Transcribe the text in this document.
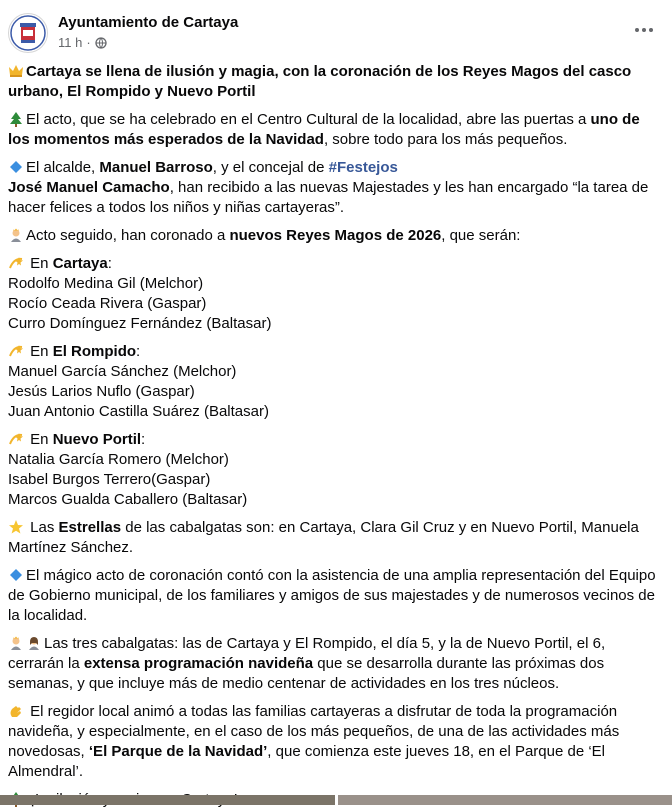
Ayuntamiento de Cartaya
11 h ·

Cartaya se llena de ilusión y magia, con la coronación de los Reyes Magos del casco urbano, El Rompido y Nuevo Portil

El acto, que se ha celebrado en el Centro Cultural de la localidad, abre las puertas a uno de los momentos más esperados de la Navidad, sobre todo para los más pequeños.

El alcalde, Manuel Barroso, y el concejal de #Festejos
José Manuel Camacho, han recibido a las nuevas Majestades y les han encargado “la tarea de hacer felices a todos los niños y niñas cartayeras”.

Acto seguido, han coronado a nuevos Reyes Magos de 2026, que serán:

En Cartaya:
Rodolfo Medina Gil (Melchor)
Rocío Ceada Rivera (Gaspar)
Curro Domínguez Fernández (Baltasar)

En El Rompido:
Manuel García Sánchez (Melchor)
Jesús Larios Nuflo (Gaspar)
Juan Antonio Castilla Suárez (Baltasar)

En Nuevo Portil:
Natalia García Romero (Melchor)
Isabel Burgos Terrero(Gaspar)
Marcos Gualda Caballero (Baltasar)

Las Estrellas de las cabalgatas son: en Cartaya, Clara Gil Cruz y en Nuevo Portil, Manuela Martínez Sánchez.

El mágico acto de coronación contó con la asistencia de una amplia representación del Equipo de Gobierno municipal, de los familiares y amigos de sus majestades y de numerosos vecinos de la localidad.

Las tres cabalgatas: las de Cartaya y El Rompido, el día 5, y la de Nuevo Portil, el 6, cerrarán la extensa programación navideña que se desarrolla durante las próximas dos semanas, y que incluye más de medio centenar de actividades en los tres núcleos.

El regidor local animó a todas las familias cartayeras a disfrutar de toda la programación navideña, y especialmente, en el caso de los más pequeños, de una de las actividades más novedosas, ‘El Parque de la Navidad’, que comienza este jueves 18, en el Parque de ‘El Almendral’.
